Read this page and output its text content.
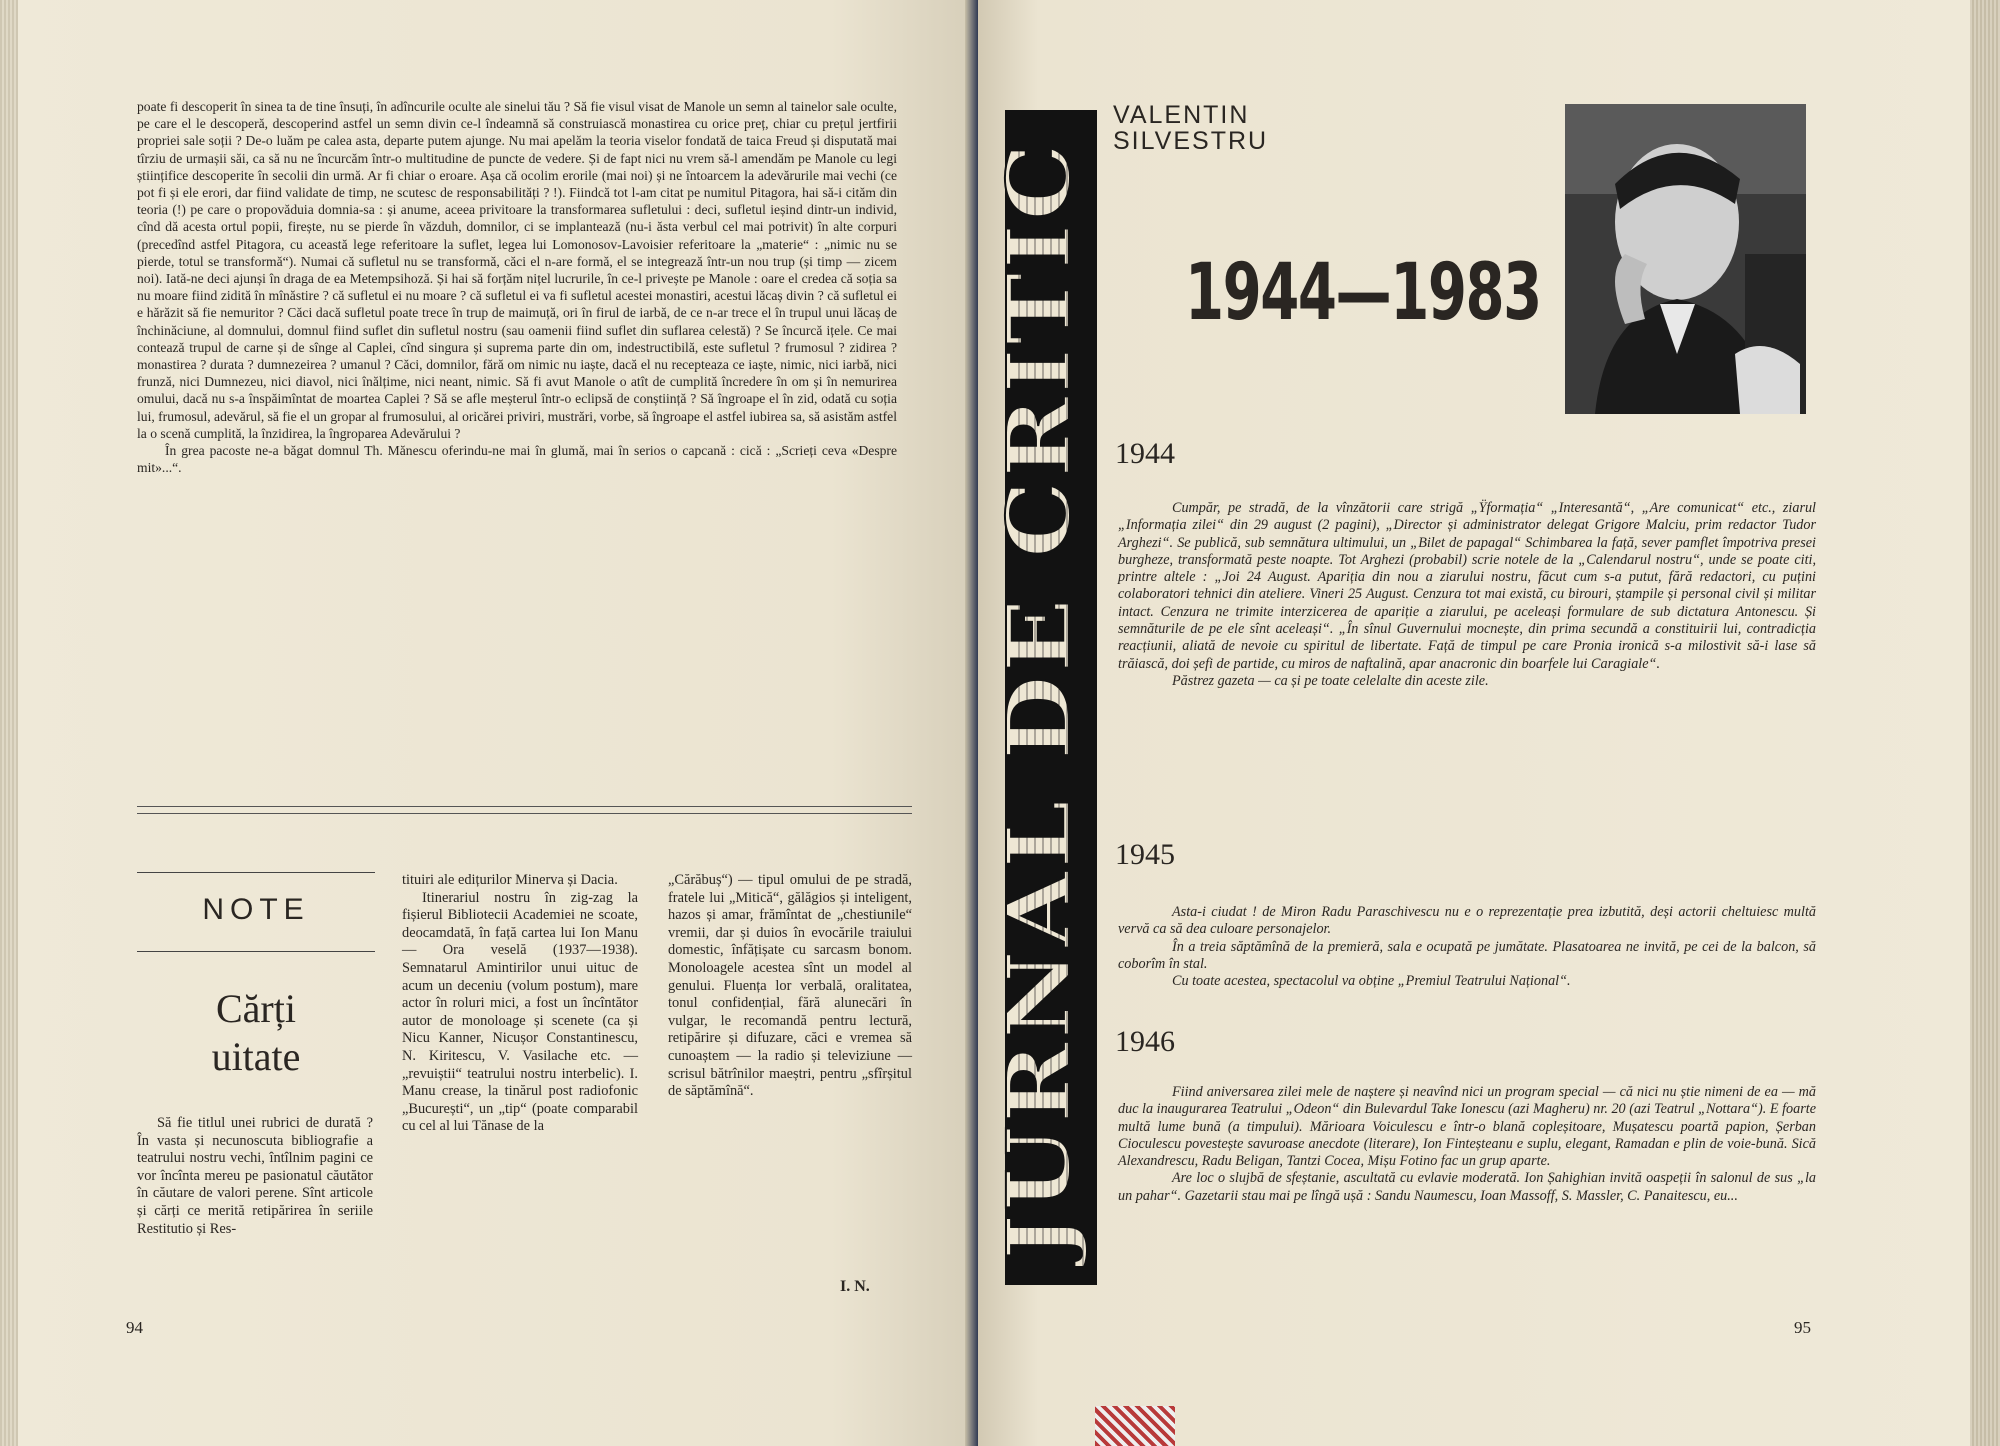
poate fi descoperit în sinea ta de tine însuți, în adîncurile oculte ale sinelui tău ? Să fie visul visat de Manole un semn al tainelor sale oculte, pe care el le descoperă, descoperind astfel un semn divin ce-l îndeamnă să construiască monastirea cu orice preț, chiar cu prețul jertfirii propriei sale soții ? De-o luăm pe calea asta, departe putem ajunge. Nu mai apelăm la teoria viselor fondată de taica Freud și disputată mai tîrziu de urmașii săi, ca să nu ne încurcăm într-o multitudine de puncte de vedere. Și de fapt nici nu vrem să-l amendăm pe Manole cu legi științifice descoperite în secolii din urmă. Ar fi chiar o eroare. Așa că ocolim erorile (mai noi) și ne întoarcem la adevărurile mai vechi (ce pot fi și ele erori, dar fiind validate de timp, ne scutesc de responsabilități ? !). Fiindcă tot l-am citat pe numitul Pitagora, hai să-i cităm din teoria (!) pe care o propovăduia domnia-sa : și anume, aceea privitoare la transformarea sufletului : deci, sufletul ieșind dintr-un individ, cînd dă acesta ortul popii, firește, nu se pierde în văzduh, domnilor, ci se implantează (nu-i ăsta verbul cel mai potrivit) în alte corpuri (precedînd astfel Pitagora, cu această lege referitoare la suflet, legea lui Lomonosov-Lavoisier referitoare la „materie“ : „nimic nu se pierde, totul se transformă“). Numai că sufletul nu se transformă, căci el n-are formă, el se integrează într-un nou trup (și timp — zicem noi). Iată-ne deci ajunși în draga de ea Metempsihoză. Și hai să forțăm nițel lucrurile, în ce-l privește pe Manole : oare el credea că soția sa nu moare fiind zidită în mînăstire ? că sufletul ei nu moare ? că sufletul ei va fi sufletul acestei monastiri, acestui lăcaș divin ? că sufletul ei e hărăzit să fie nemuritor ? Căci dacă sufletul poate trece în trup de maimuță, ori în firul de iarbă, de ce n-ar trece el în trupul unui lăcaș de închinăciune, al domnului, domnul fiind suflet din sufletul nostru (sau oamenii fiind suflet din suflarea celestă) ? Se încurcă ițele. Ce mai contează trupul de carne și de sînge al Caplei, cînd singura și suprema parte din om, indestructibilă, este sufletul ? frumosul ? zidirea ? monastirea ? durata ? dumnezeirea ? umanul ? Căci, domnilor, fără om nimic nu iaște, dacă el nu recepteaza ce iaște, nimic, nici iarbă, nici frunză, nici Dumnezeu, nici diavol, nici înălțime, nici neant, nimic. Să fi avut Manole o atît de cumplită încredere în om și în nemurirea omului, dacă nu s-a înspăimîntat de moartea Caplei ? Să se afle meșterul într-o eclipsă de conștiință ? Să îngroape el în zid, odată cu soția lui, frumosul, adevărul, să fie el un gropar al frumosului, al oricărei priviri, mustrări, vorbe, să îngroape el astfel iubirea sa, să asistăm astfel la o scenă cumplită, la înzidirea, la îngroparea Adevărului ?

În grea pacoste ne-a băgat domnul Th. Mănescu oferindu-ne mai în glumă, mai în serios o capcană : cică : „Scrieți ceva «Despre mit»...“.

NOTE
Cărți
uitate

Să fie titlul unei rubrici de durată ? În vasta și necunoscuta bibliografie a teatrului nostru vechi, întîlnim pagini ce vor încînta mereu pe pasionatul căutător în căutare de valori perene. Sînt articole și cărți ce merită retipărirea în seriile Restitutio și Res-

tituiri ale edițurilor Minerva și Dacia.

Itinerariul nostru în zig-zag la fișierul Bibliotecii Academiei ne scoate, deocamdată, în față cartea lui Ion Manu — Ora veselă (1937—1938). Semnatarul Amintirilor unui uituc de acum un deceniu (volum postum), mare actor în roluri mici, a fost un încîntător autor de monoloage și scenete (ca și Nicu Kanner, Nicușor Constantinescu, N. Kiritescu, V. Vasilache etc. — „revuiștii“ teatrului nostru interbelic). I. Manu crease, la tinărul post radiofonic „București“, un „tip“ (poate comparabil cu cel al lui Tănase de la

„Cărăbuș“) — tipul omului de pe stradă, fratele lui „Mitică“, gălăgios și inteligent, hazos și amar, frămîntat de „chestiunile“ vremii, dar și duios în evocările traiului domestic, înfățișate cu sarcasm bonom. Monoloagele acestea sînt un model al genului. Fluența lor verbală, oralitatea, tonul confidențial, fără alunecări în vulgar, le recomandă pentru lectură, retipărire și difuzare, căci e vremea să cunoaștem — la radio și televiziune — scrisul bătrînilor maeștri, pentru „sfîrșitul de săptămînă“.

I. N.
94
JURNAL DE CRITIC
VALENTIN
SILVESTRU
1944—1983
1944

Cumpăr, pe stradă, de la vînzătorii care strigă „Ÿformația“ „Interesantă“, „Are comunicat“ etc., ziarul „Informația zilei“ din 29 august (2 pagini), „Director și administrator delegat Grigore Malciu, prim redactor Tudor Arghezi“. Se publică, sub semnătura ultimului, un „Bilet de papagal“ Schimbarea la față, sever pamflet împotriva presei burgheze, transformată peste noapte. Tot Arghezi (probabil) scrie notele de la „Calendarul nostru“, unde se poate citi, printre altele : „Joi 24 August. Apariția din nou a ziarului nostru, făcut cum s-a putut, fără redactori, cu puțini colaboratori tehnici din ateliere. Vineri 25 August. Cenzura tot mai există, cu birouri, ștampile și personal civil și militar intact. Cenzura ne trimite interzicerea de apariție a ziarului, pe aceleași formulare de sub dictatura Antonescu. Și semnăturile de pe ele sînt aceleași“. „În sînul Guvernului mocnește, din prima secundă a constituirii lui, contradicția reacțiunii, aliată de nevoie cu spiritul de libertate. Față de timpul pe care Pronia ironică s-a milostivit să-i lase să trăiască, doi șefi de partide, cu miros de naftalină, apar anacronic din boarfele lui Caragiale“.

Păstrez gazeta — ca și pe toate celelalte din aceste zile.

1945

Asta-i ciudat ! de Miron Radu Paraschivescu nu e o reprezentație prea izbutită, deși actorii cheltuiesc multă vervă ca să dea culoare personajelor.

În a treia săptămînă de la premieră, sala e ocupată pe jumătate. Plasatoarea ne invită, pe cei de la balcon, să coborîm în stal.

Cu toate acestea, spectacolul va obține „Premiul Teatrului Național“.

1946

Fiind aniversarea zilei mele de naștere și neavînd nici un program special — că nici nu știe nimeni de ea — mă duc la inaugurarea Teatrului „Odeon“ din Bulevardul Take Ionescu (azi Magheru) nr. 20 (azi Teatrul „Nottara“). E foarte multă lume bună (a timpului). Mărioara Voiculescu e într-o blană copleșitoare, Mușatescu poartă papion, Șerban Cioculescu povestește savuroase anecdote (literare), Ion Finteșteanu e suplu, elegant, Ramadan e plin de voie-bună. Sică Alexandrescu, Radu Beligan, Tantzi Cocea, Mișu Fotino fac un grup aparte.

Are loc o slujbă de sfeștanie, ascultată cu evlavie moderată. Ion Șahighian invită oaspeții în salonul de sus „la un pahar“. Gazetarii stau mai pe lîngă ușă : Sandu Naumescu, Ioan Massoff, S. Massler, C. Panaitescu, eu...

95
